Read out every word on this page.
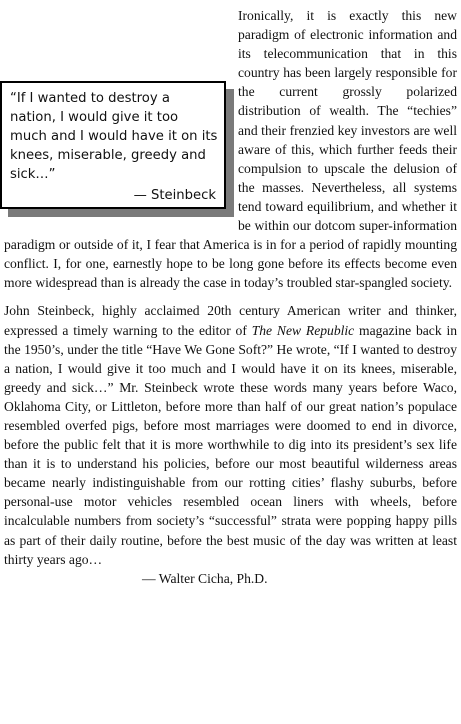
“If I wanted to destroy a nation, I would give it too much and I would have it on its knees, miserable, greedy and sick…”
— Steinbeck

Ironically, it is exactly this new paradigm of electronic information and its telecommunication that in this country has been largely responsible for the current grossly polarized distribution of wealth. The “techies” and their frenzied key investors are well aware of this, which further feeds their compulsion to upscale the delusion of the masses. Nevertheless, all systems tend toward equilibrium, and whether it be within our dotcom super-information paradigm or outside of it, I fear that America is in for a period of rapidly mounting conflict. I, for one, earnestly hope to be long gone before its effects become even more widespread than is already the case in today’s troubled star-spangled society.

John Steinbeck, highly acclaimed 20th century American writer and thinker, expressed a timely warning to the editor of The New Republic magazine back in the 1950’s, under the title “Have We Gone Soft?” He wrote, “If I wanted to destroy a nation, I would give it too much and I would have it on its knees, miserable, greedy and sick…” Mr. Steinbeck wrote these words many years before Waco, Oklahoma City, or Littleton, before more than half of our great nation’s populace resembled overfed pigs, before most marriages were doomed to end in divorce, before the public felt that it is more worthwhile to dig into its president’s sex life than it is to understand his policies, before our most beautiful wilderness areas became nearly indistinguishable from our rotting cities’ flashy suburbs, before personal-use motor vehicles resembled ocean liners with wheels, before incalculable numbers from society’s “successful” strata were popping happy pills as part of their daily routine, before the best music of the day was written at least thirty years ago…

— Walter Cicha, Ph.D.
